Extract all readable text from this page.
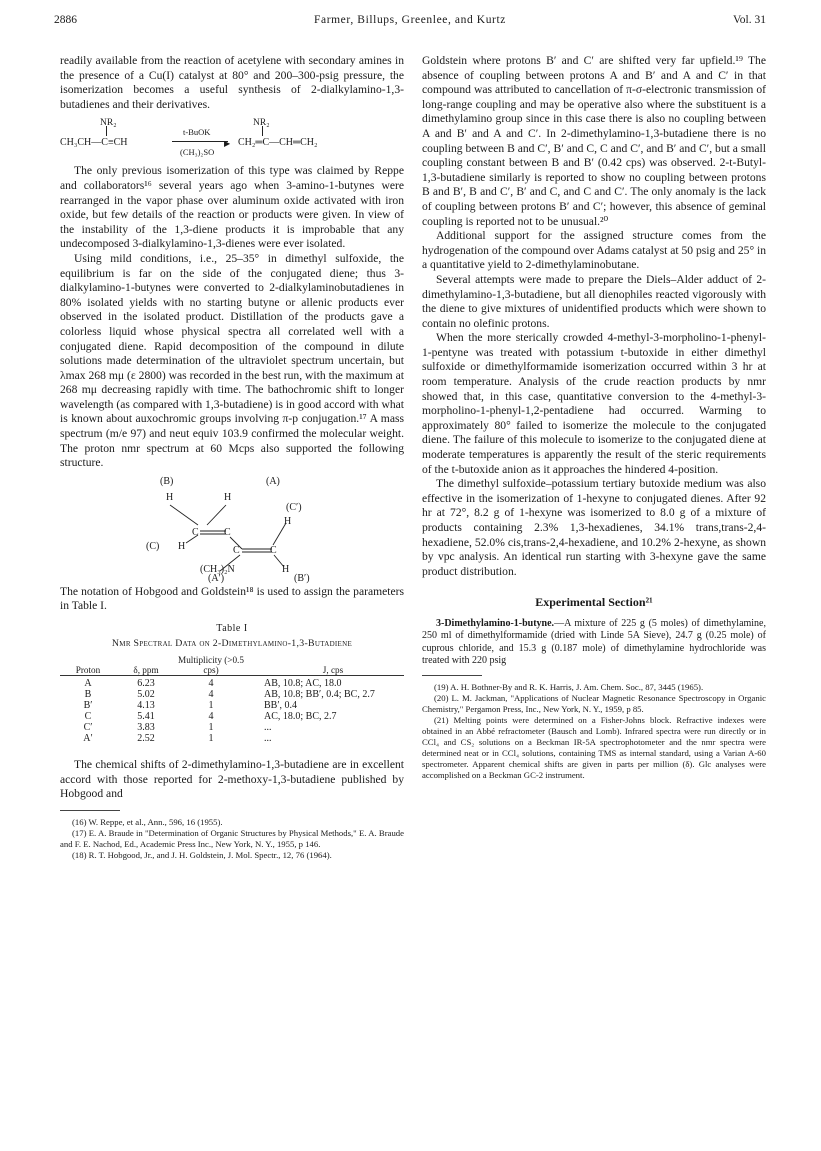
2886	Farmer, Billups, Greenlee, and Kurtz	Vol. 31

readily available from the reaction of acetylene with secondary amines in the presence of a Cu(I) catalyst at 80° and 200–300-psig pressure, the isomerization becomes a useful synthesis of 2-dialkylamino-1,3-butadienes and their derivatives.

NR₂	NR₂
t-BuOK
CH₃CH—C≡CH	▶ CH₂═C—CH═CH₂
(CH₃)₂SO

The only previous isomerization of this type was claimed by Reppe and collaborators¹⁶ several years ago when 3-amino-1-butynes were rearranged in the vapor phase over aluminum oxide activated with iron oxide, but few details of the reaction or products were given. In view of the instability of the 1,3-diene products it is improbable that any undecomposed 3-dialkylamino-1,3-dienes were ever isolated.

Using mild conditions, i.e., 25–35° in dimethyl sulfoxide, the equilibrium is far on the side of the conjugated diene; thus 3-dialkylamino-1-butynes were converted to 2-dialkylaminobutadienes in 80% isolated yields with no starting butyne or allenic products ever observed in the isolated product. Distillation of the products gave a colorless liquid whose physical spectra all correlated well with a conjugated diene. Rapid decomposition of the compound in dilute solutions made determination of the ultraviolet spectrum uncertain, but λmax 268 mμ (ε 2800) was recorded in the best run, with the maximum at 268 mμ decreasing rapidly with time. The bathochromic shift to longer wavelength (as compared with 1,3-butadiene) is in good accord with what is known about auxochromic groups involving π-p conjugation.¹⁷ A mass spectrum (m/e 97) and neut equiv 103.9 confirmed the molecular weight. The proton nmr spectrum at 60 Mcps also supported the following structure.

(B)	(A)
H	H
(C′)
H
C	C
(C) H	C	C
(CH₃)₂N	H
(A′)	(B′)

The notation of Hobgood and Goldstein¹⁸ is used to assign the parameters in Table I.

Table I
Nmr Spectral Data on 2-Dimethylamino-1,3-Butadiene
Proton	δ, ppm	Multiplicity (>0.5 cps)	J, cps

A	6.23	4	AB, 10.8; AC, 18.0
B	5.02	4	AB, 10.8; BB′, 0.4; BC, 2.7
B′	4.13	1	BB′, 0.4
C	5.41	4	AC, 18.0; BC, 2.7
C′	3.83	1	...
A′	2.52	1	...

The chemical shifts of 2-dimethylamino-1,3-butadiene are in excellent accord with those reported for 2-methoxy-1,3-butadiene published by Hobgood and

(16) W. Reppe, et al., Ann., 596, 16 (1955).

(17) E. A. Braude in "Determination of Organic Structures by Physical Methods," E. A. Braude and F. E. Nachod, Ed., Academic Press Inc., New York, N. Y., 1955, p 146.

(18) R. T. Hobgood, Jr., and J. H. Goldstein, J. Mol. Spectr., 12, 76 (1964).

Goldstein where protons B′ and C′ are shifted very far upfield.¹⁹ The absence of coupling between protons A and B′ and A and C′ in that compound was attributed to cancellation of π-σ-electronic transmission of long-range coupling and may be operative also where the substituent is a dimethylamino group since in this case there is also no coupling between A and B′ and A and C′. In 2-dimethylamino-1,3-butadiene there is no coupling between B and C′, B′ and C, C and C′, and B′ and C′, but a small coupling constant between B and B′ (0.42 cps) was observed. 2-t-Butyl-1,3-butadiene similarly is reported to show no coupling between protons B and B′, B and C′, B′ and C, and C and C′. The only anomaly is the lack of coupling between protons B′ and C′; however, this absence of geminal coupling is reported not to be unusual.²⁰

Additional support for the assigned structure comes from the hydrogenation of the compound over Adams catalyst at 50 psig and 25° in a quantitative yield to 2-dimethylaminobutane.

Several attempts were made to prepare the Diels–Alder adduct of 2-dimethylamino-1,3-butadiene, but all dienophiles reacted vigorously with the diene to give mixtures of unidentified products which were shown to contain no olefinic protons.

When the more sterically crowded 4-methyl-3-morpholino-1-phenyl-1-pentyne was treated with potassium t-butoxide in either dimethyl sulfoxide or dimethylformamide isomerization occurred within 3 hr at room temperature. Analysis of the crude reaction products by nmr showed that, in this case, quantitative conversion to the 4-methyl-3-morpholino-1-phenyl-1,2-pentadiene had occurred. Warming to approximately 80° failed to isomerize the molecule to the conjugated diene. The failure of this molecule to isomerize to the conjugated diene at moderate temperatures is apparently the result of the steric requirements of the t-butoxide anion as it approaches the hindered 4-position.

The dimethyl sulfoxide–potassium tertiary butoxide medium was also effective in the isomerization of 1-hexyne to conjugated dienes. After 92 hr at 72°, 8.2 g of 1-hexyne was isomerized to 8.0 g of a mixture of products containing 2.3% 1,3-hexadienes, 34.1% trans,trans-2,4-hexadiene, 52.0% cis,trans-2,4-hexadiene, and 10.2% 2-hexyne, as shown by vpc analysis. An identical run starting with 3-hexyne gave the same product distribution.

Experimental Section²¹

3-Dimethylamino-1-butyne.—A mixture of 225 g (5 moles) of dimethylamine, 250 ml of dimethylformamide (dried with Linde 5A Sieve), 24.7 g (0.25 mole) of cuprous chloride, and 15.3 g (0.187 mole) of dimethylamine hydrochloride was treated with 220 psig

(19) A. H. Bothner-By and R. K. Harris, J. Am. Chem. Soc., 87, 3445 (1965).

(20) L. M. Jackman, "Applications of Nuclear Magnetic Resonance Spectroscopy in Organic Chemistry," Pergamon Press, Inc., New York, N. Y., 1959, p 85.

(21) Melting points were determined on a Fisher-Johns block. Refractive indexes were obtained in an Abbé refractometer (Bausch and Lomb). Infrared spectra were run directly or in CCl₄ and CS₂ solutions on a Beckman IR-5A spectrophotometer and the nmr spectra were determined neat or in CCl₄ solutions, containing TMS as internal standard, using a Varian A-60 spectrometer. Apparent chemical shifts are given in parts per million (δ). Glc analyses were accomplished on a Beckman GC-2 instrument.
